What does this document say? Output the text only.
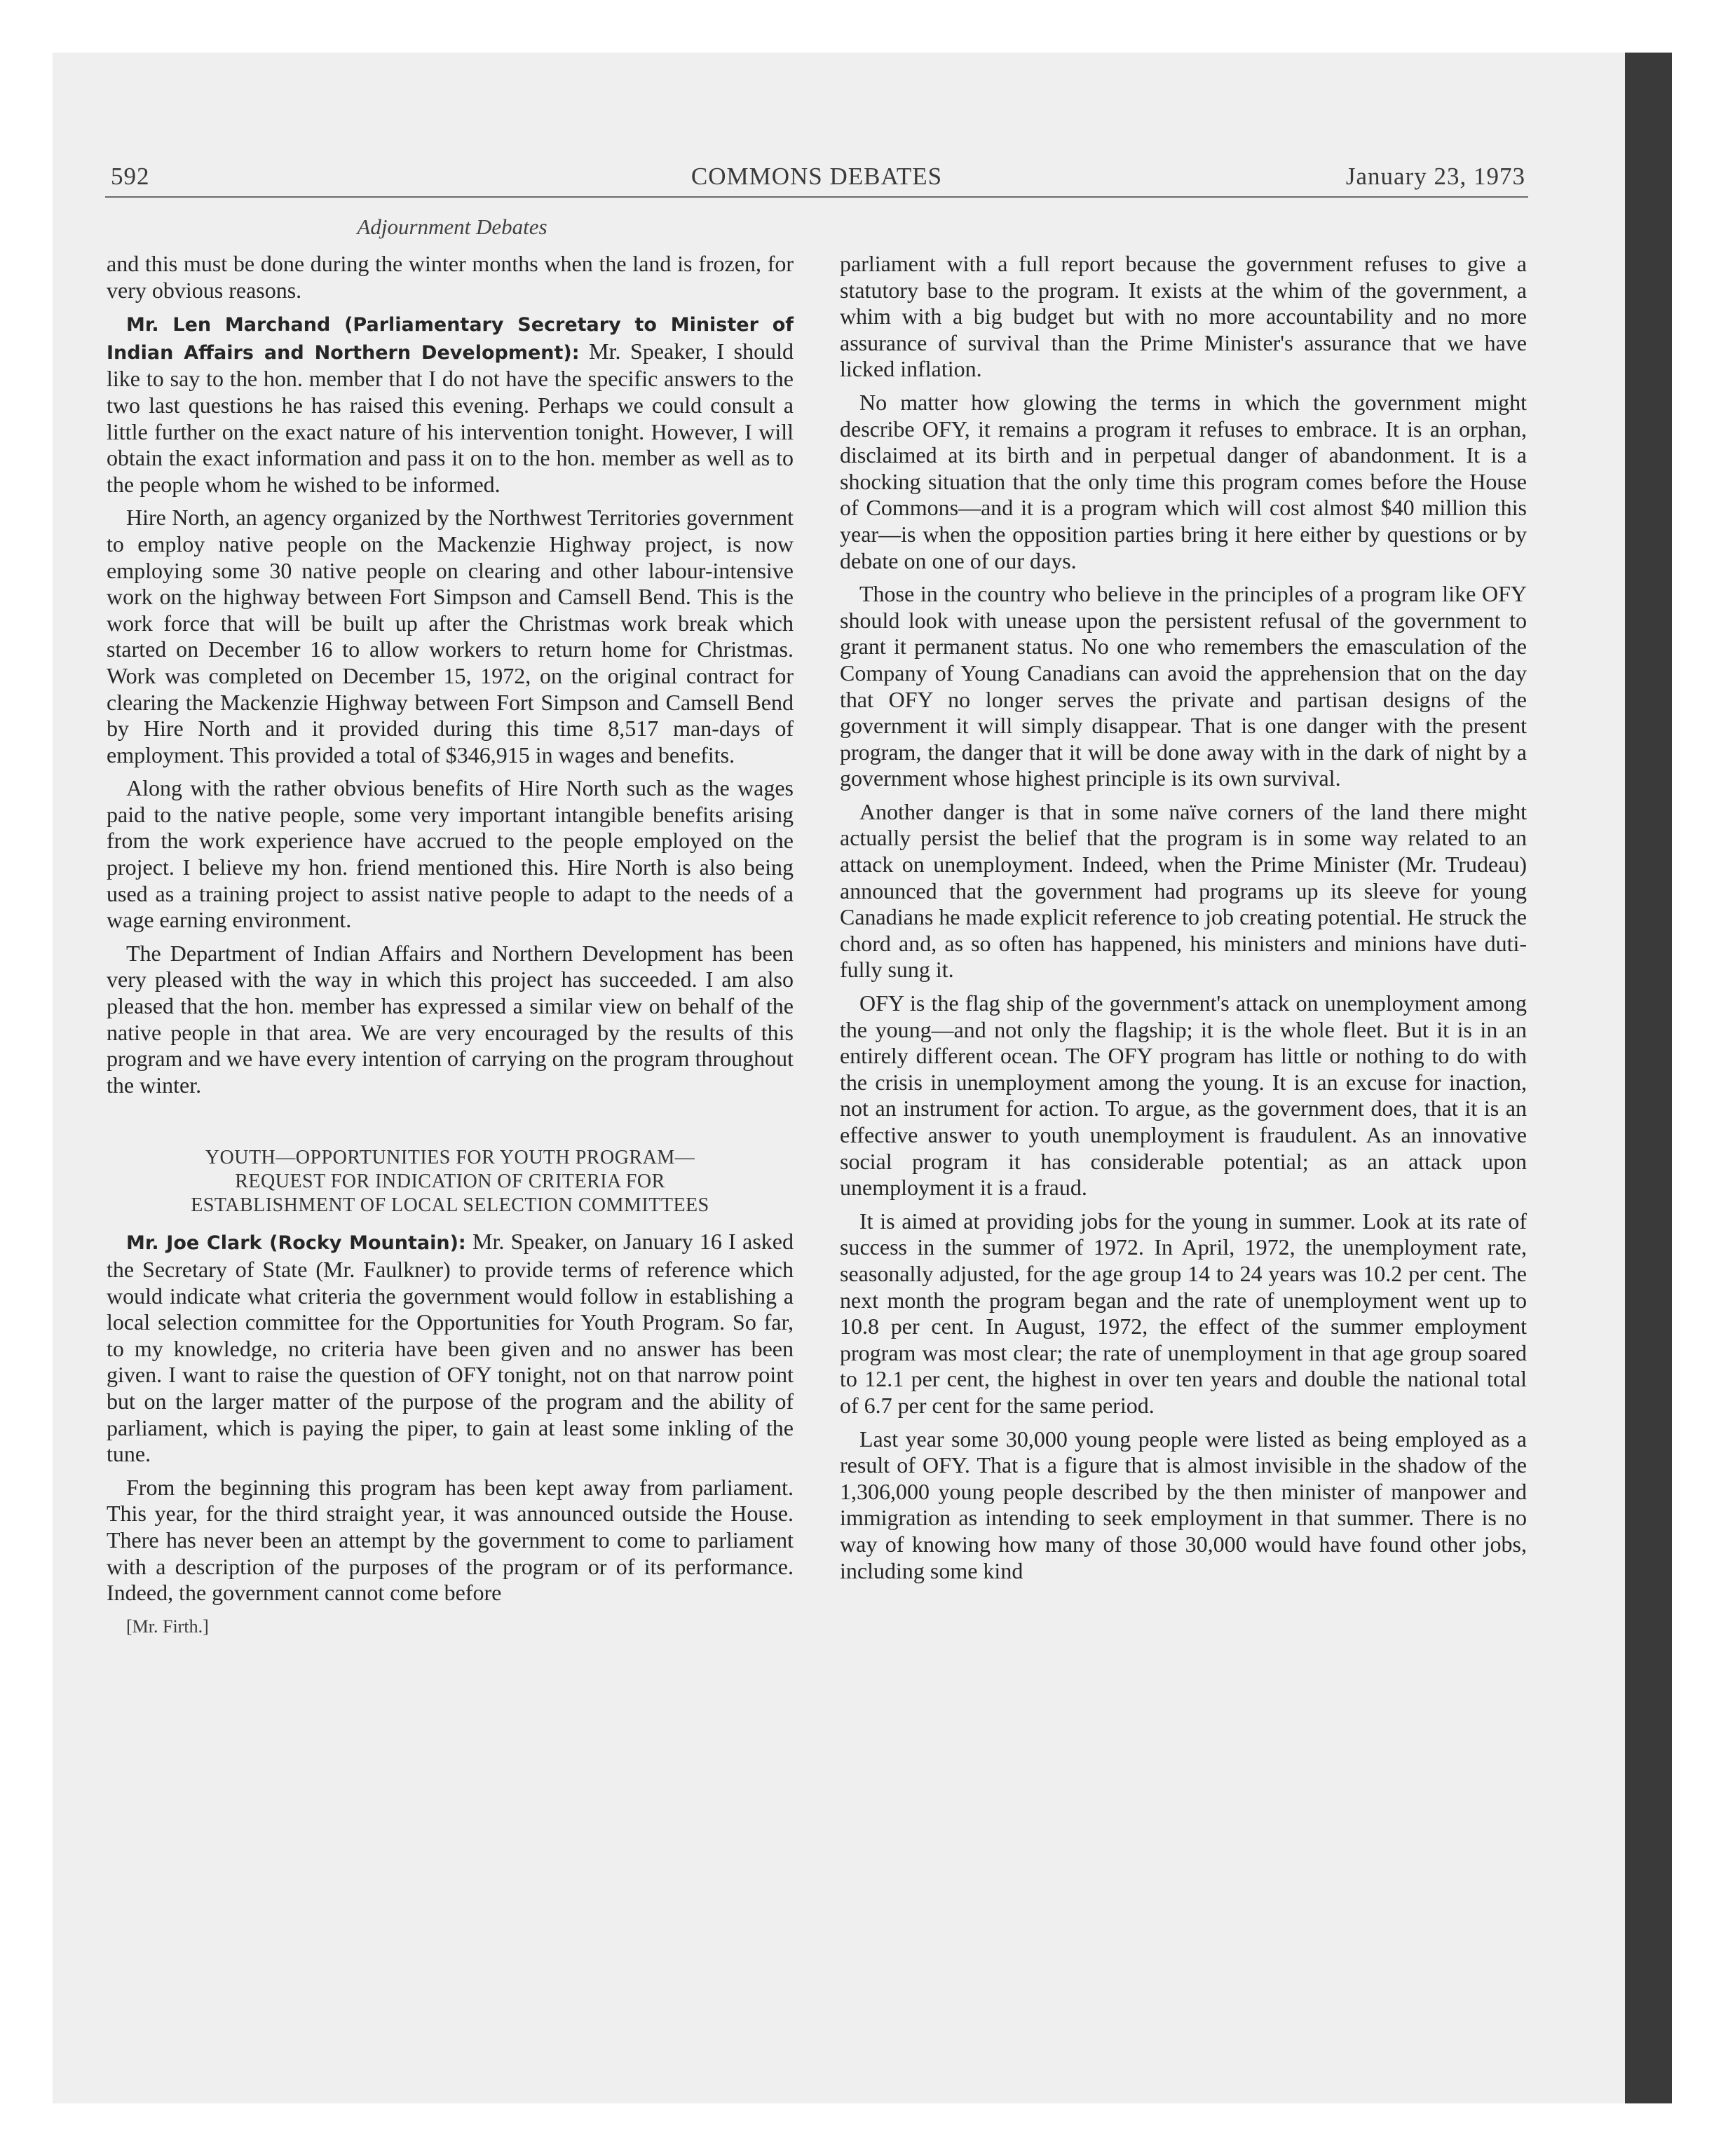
592	COMMONS DEBATES	January 23, 1973
Adjournment Debates

and this must be done during the winter months when the land is frozen, for very obvious reasons.

Mr. Len Marchand (Parliamentary Secretary to Minister of Indian Affairs and Northern Development): Mr. Speaker, I should like to say to the hon. member that I do not have the specific answers to the two last questions he has raised this evening. Perhaps we could consult a little further on the exact nature of his intervention tonight. However, I will obtain the exact information and pass it on to the hon. member as well as to the people whom he wished to be informed.

Hire North, an agency organized by the Northwest Territories government to employ native people on the Mackenzie Highway project, is now employing some 30 native people on clearing and other labour-intensive work on the highway between Fort Simpson and Camsell Bend. This is the work force that will be built up after the Christmas work break which started on December 16 to allow workers to return home for Christmas. Work was completed on December 15, 1972, on the original contract for clearing the Mackenzie Highway between Fort Simpson and Camsell Bend by Hire North and it provided during this time 8,517 man-days of employment. This provided a total of $346,915 in wages and benefits.

Along with the rather obvious benefits of Hire North such as the wages paid to the native people, some very important intangible benefits arising from the work experience have accrued to the people employed on the project. I believe my hon. friend mentioned this. Hire North is also being used as a training project to assist native people to adapt to the needs of a wage earning environment.

The Department of Indian Affairs and Northern Development has been very pleased with the way in which this project has succeeded. I am also pleased that the hon. member has expressed a similar view on behalf of the native people in that area. We are very encouraged by the results of this program and we have every intention of carrying on the program throughout the winter.

YOUTH—OPPORTUNITIES FOR YOUTH PROGRAM—
REQUEST FOR INDICATION OF CRITERIA FOR
ESTABLISHMENT OF LOCAL SELECTION COMMITTEES

Mr. Joe Clark (Rocky Mountain): Mr. Speaker, on January 16 I asked the Secretary of State (Mr. Faulkner) to provide terms of reference which would indicate what criteria the government would follow in establishing a local selection committee for the Opportunities for Youth Program. So far, to my knowledge, no criteria have been given and no answer has been given. I want to raise the question of OFY tonight, not on that narrow point but on the larger matter of the purpose of the program and the ability of parliament, which is paying the piper, to gain at least some inkling of the tune.

From the beginning this program has been kept away from parliament. This year, for the third straight year, it was announced outside the House. There has never been an attempt by the government to come to parliament with a description of the purposes of the program or of its performance. Indeed, the government cannot come before

[Mr. Firth.]

parliament with a full report because the government refuses to give a statutory base to the program. It exists at the whim of the government, a whim with a big budget but with no more accountability and no more assurance of survival than the Prime Minister's assurance that we have licked inflation.

No matter how glowing the terms in which the government might describe OFY, it remains a program it refuses to embrace. It is an orphan, disclaimed at its birth and in perpetual danger of abandonment. It is a shocking situation that the only time this program comes before the House of Commons—and it is a program which will cost almost $40 million this year—is when the opposition parties bring it here either by questions or by debate on one of our days.

Those in the country who believe in the principles of a program like OFY should look with unease upon the persistent refusal of the government to grant it permanent status. No one who remembers the emasculation of the Company of Young Canadians can avoid the apprehension that on the day that OFY no longer serves the private and partisan designs of the government it will simply disappear. That is one danger with the present program, the danger that it will be done away with in the dark of night by a government whose highest principle is its own survival.

Another danger is that in some naïve corners of the land there might actually persist the belief that the program is in some way related to an attack on unemployment. Indeed, when the Prime Minister (Mr. Trudeau) announced that the government had programs up its sleeve for young Canadians he made explicit reference to job creating potential. He struck the chord and, as so often has happened, his ministers and minions have dutifully sung it.

OFY is the flag ship of the government's attack on unemployment among the young—and not only the flagship; it is the whole fleet. But it is in an entirely different ocean. The OFY program has little or nothing to do with the crisis in unemployment among the young. It is an excuse for inaction, not an instrument for action. To argue, as the government does, that it is an effective answer to youth unemployment is fraudulent. As an innovative social program it has considerable potential; as an attack upon unemployment it is a fraud.

It is aimed at providing jobs for the young in summer. Look at its rate of success in the summer of 1972. In April, 1972, the unemployment rate, seasonally adjusted, for the age group 14 to 24 years was 10.2 per cent. The next month the program began and the rate of unemployment went up to 10.8 per cent. In August, 1972, the effect of the summer employment program was most clear; the rate of unemployment in that age group soared to 12.1 per cent, the highest in over ten years and double the national total of 6.7 per cent for the same period.

Last year some 30,000 young people were listed as being employed as a result of OFY. That is a figure that is almost invisible in the shadow of the 1,306,000 young people described by the then minister of manpower and immigration as intending to seek employment in that summer. There is no way of knowing how many of those 30,000 would have found other jobs, including some kind
